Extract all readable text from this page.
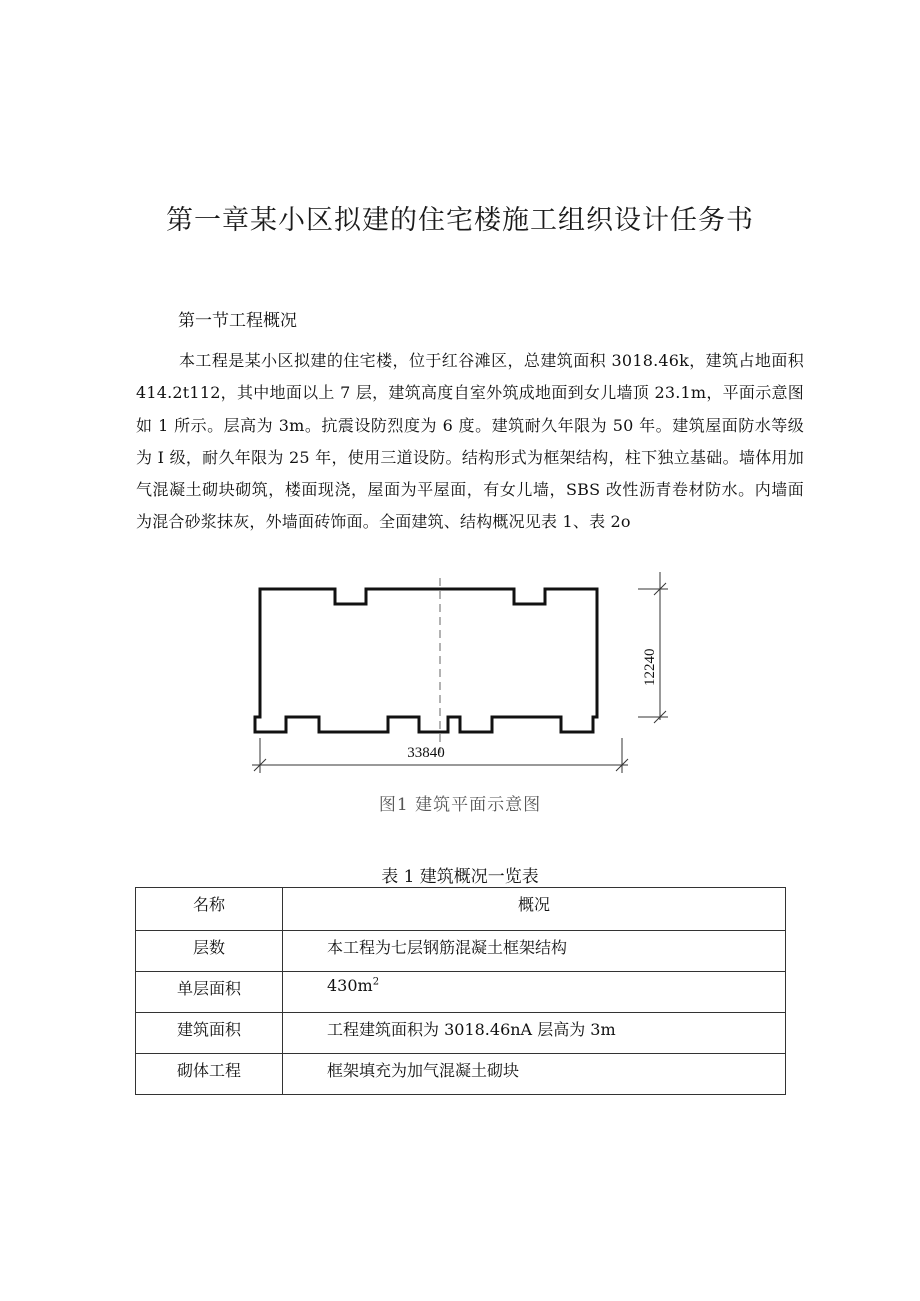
第一章某小区拟建的住宅楼施工组织设计任务书
第一节工程概况

本工程是某小区拟建的住宅楼，位于红谷滩区，总建筑面积 3018.46k，建筑占地面积 414.2t112，其中地面以上 7 层，建筑高度自室外筑成地面到女儿墙顶 23.1m，平面示意图如 1 所示。层高为 3m。抗震设防烈度为 6 度。建筑耐久年限为 50 年。建筑屋面防水等级为 I 级，耐久年限为 25 年，使用三道设防。结构形式为框架结构，柱下独立基础。墙体用加气混凝土砌块砌筑，楼面现浇，屋面为平屋面，有女儿墙，SBS 改性沥青卷材防水。内墙面为混合砂浆抹灰，外墙面砖饰面。全面建筑、结构概况见表 1、表 2o

12240
33840
图1 建筑平面示意图
表 1 建筑概况一览表
名称	概况
层数	本工程为七层钢筋混凝土框架结构
单层面积	$430m^2$
建筑面积	工程建筑面积为 3018.46nA 层高为 3m
砌体工程	框架填充为加气混凝土砌块
